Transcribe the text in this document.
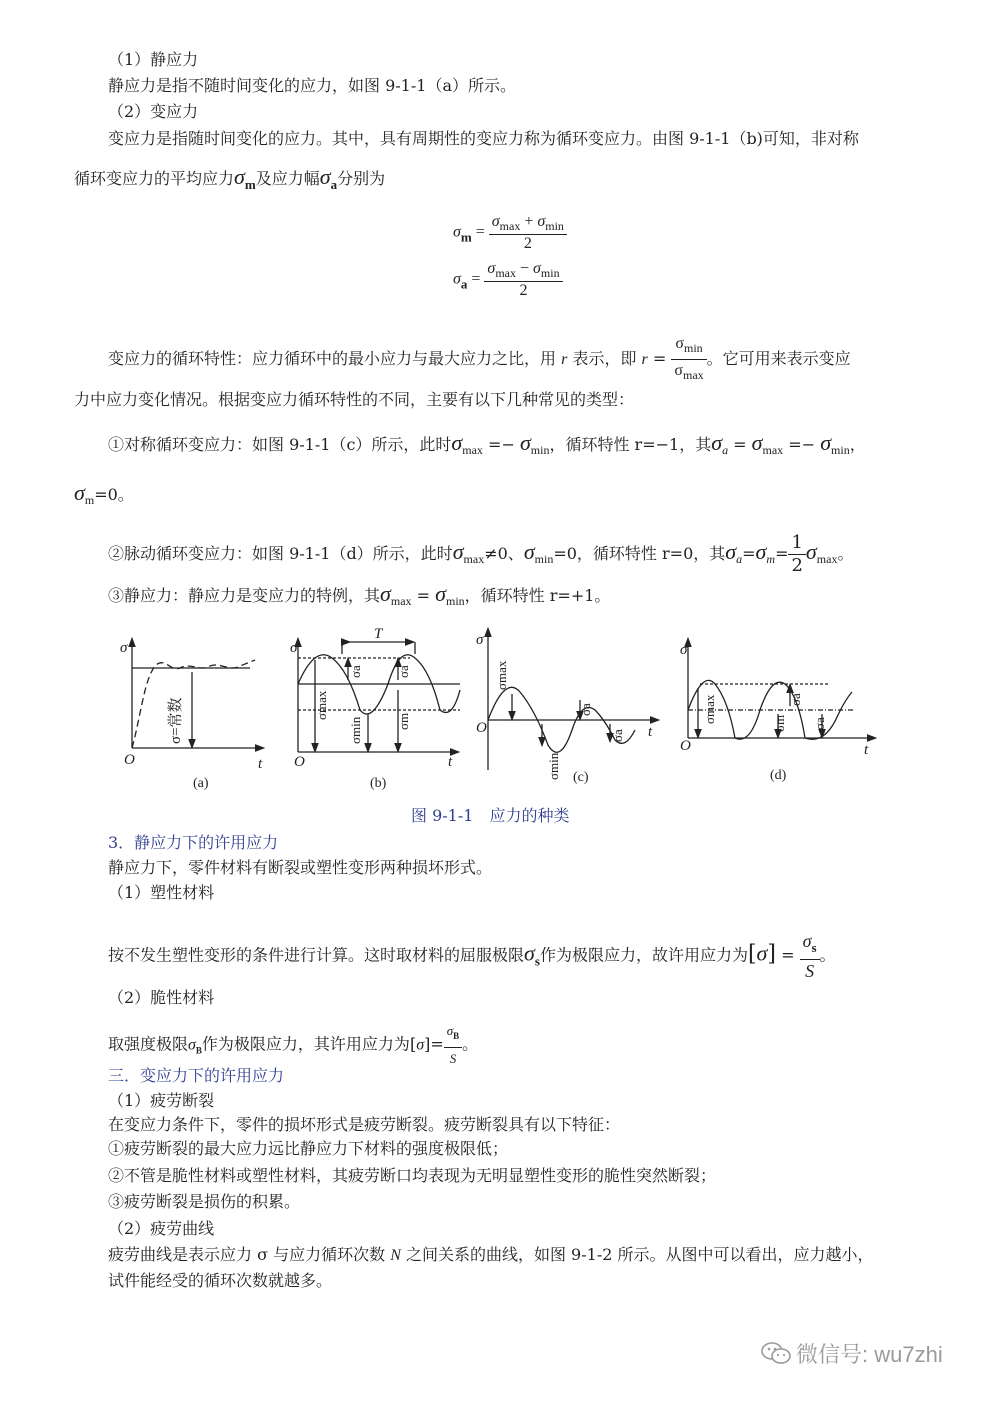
（1）静应力
静应力是指不随时间变化的应力，如图 9-1-1（a）所示。
（2）变应力
变应力是指随时间变化的应力。其中，具有周期性的变应力称为循环变应力。由图 9-1-1（b)可知，非对称
循环变应力的平均应力$\sigma_m$及应力幅$\sigma_a$分别为
$\sigma_m = \frac{\sigma_{max} + \sigma_{min}}{2}$
$\sigma_a = \frac{\sigma_{max} - \sigma_{min}}{2}$
变应力的循环特性：应力循环中的最小应力与最大应力之比，用 r 表示，即 $r = \frac{\sigma_{min}}{\sigma_{max}}$ 。它可用来表示变应
力中应力变化情况。根据变应力循环特性的不同，主要有以下几种常见的类型：
①对称循环变应力：如图 9-1-1（c）所示，此时$\sigma_{max} =- \sigma_{min}$，循环特性 r=−1，其$\sigma_a = \sigma_{max} =- \sigma_{min}$，
$\sigma_m=0$。
②脉动循环变应力：如图 9-1-1（d）所示，此时$\sigma_{max}\ne 0$、$\sigma_{min}=0$，循环特性 r=0，其$\sigma_a=\sigma_m= \frac{1}{2} \sigma_{max}$。
③静应力：静应力是变应力的特例，其$\sigma_{max} = \sigma_{min}$，循环特性 r=+1。
σ
O	t
σ=常数
σ
O	t
T
σmax
σmin
σa
σm
σa
σ
O	t
σmax
σmin
σa
σa
σ
O	t
σmax	σm
σa
σa
(a)	(b)	(c)	(d)
图 9-1-1　应力的种类
3．静应力下的许用应力
静应力下，零件材料有断裂或塑性变形两种损坏形式。
（1）塑性材料
按不发生塑性变形的条件进行计算。这时取材料的屈服极限$\sigma_s$作为极限应力，故许用应力为$[\sigma] = \frac{\sigma_s}{S}$ 。
（2）脆性材料
取强度极限$\sigma_B$作为极限应力，其许用应力为$[\sigma]= \frac{\sigma_B}{S}$ 。
三．变应力下的许用应力
（1）疲劳断裂
在变应力条件下，零件的损坏形式是疲劳断裂。疲劳断裂具有以下特征：
①疲劳断裂的最大应力远比静应力下材料的强度极限低；
②不管是脆性材料或塑性材料，其疲劳断口均表现为无明显塑性变形的脆性突然断裂；
③疲劳断裂是损伤的积累。
（2）疲劳曲线
疲劳曲线是表示应力 σ 与应力循环次数 N 之间关系的曲线，如图 9-1-2 所示。从图中可以看出，应力越小，
试件能经受的循环次数就越多。
微信号: wu7zhi
